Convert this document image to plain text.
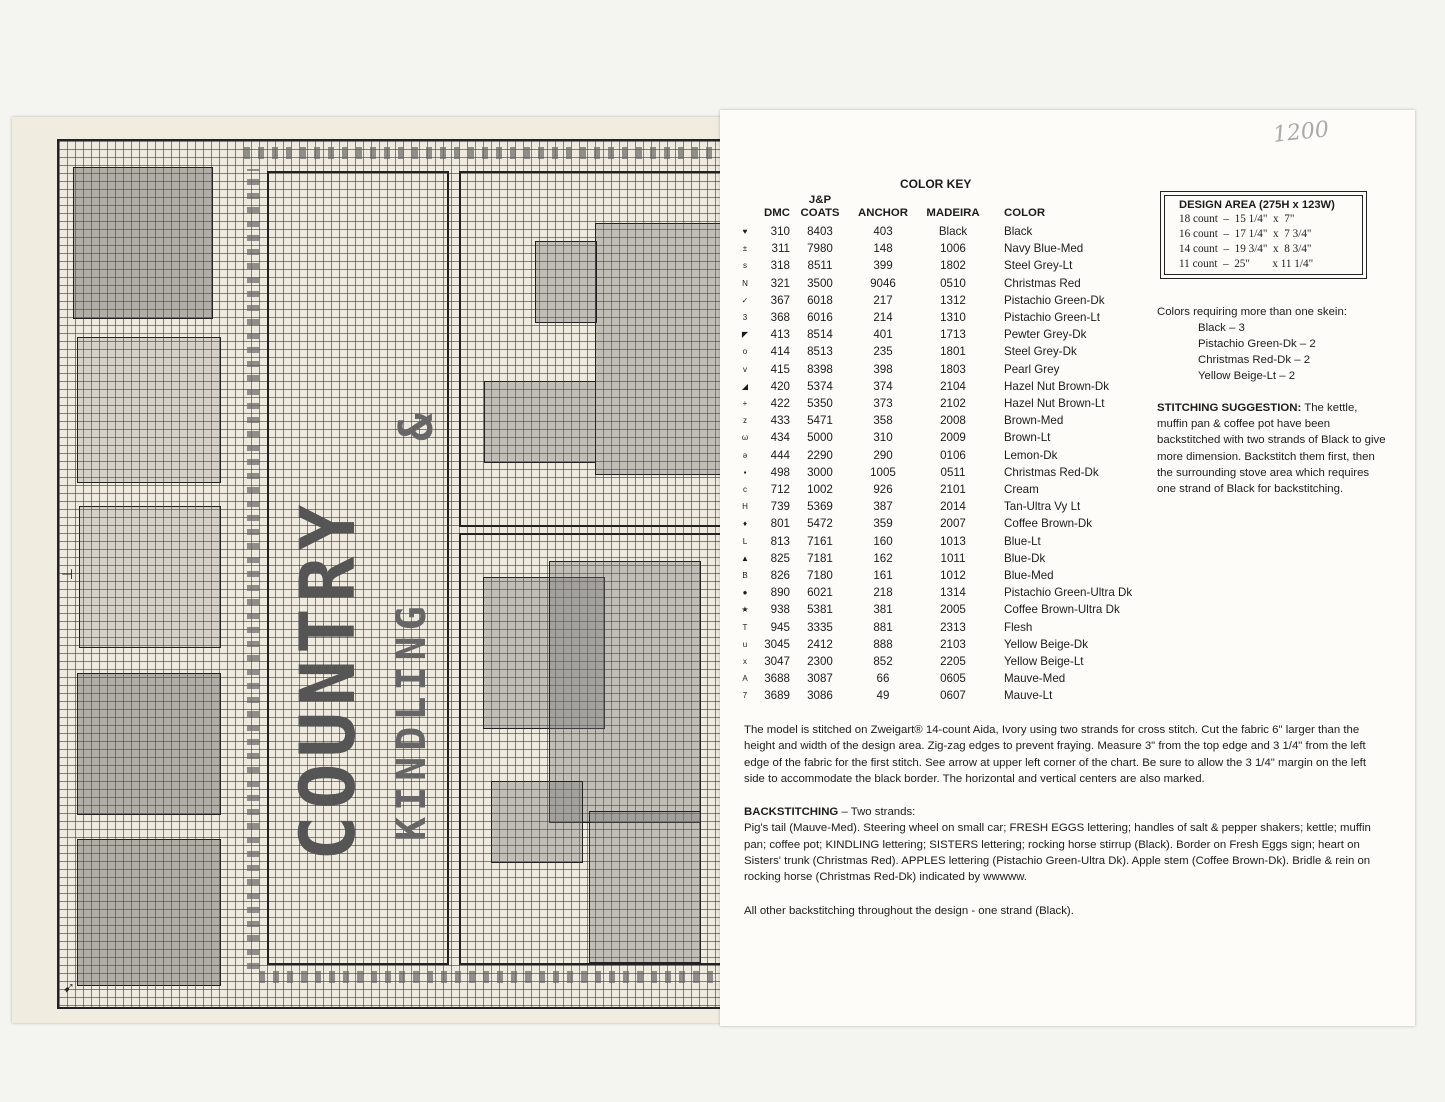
COUNTRY KINDLING
&
➹
⊣
1200
COLOR KEY
	DMC	J&P
COATS	ANCHOR	MADEIRA	COLOR
♥	310	8403	403	Black	Black
±	311	7980	148	1006	Navy Blue-Med
s	318	8511	399	1802	Steel Grey-Lt
N	321	3500	9046	0510	Christmas Red
✓	367	6018	217	1312	Pistachio Green-Dk
3	368	6016	214	1310	Pistachio Green-Lt
◤	413	8514	401	1713	Pewter Grey-Dk
o	414	8513	235	1801	Steel Grey-Dk
v	415	8398	398	1803	Pearl Grey
◢	420	5374	374	2104	Hazel Nut Brown-Dk
+	422	5350	373	2102	Hazel Nut Brown-Lt
z	433	5471	358	2008	Brown-Med
ω	434	5000	310	2009	Brown-Lt
ə	444	2290	290	0106	Lemon-Dk
▪	498	3000	1005	0511	Christmas Red-Dk
c	712	1002	926	2101	Cream
H	739	5369	387	2014	Tan-Ultra Vy Lt
♦	801	5472	359	2007	Coffee Brown-Dk
L	813	7161	160	1013	Blue-Lt
▲	825	7181	162	1011	Blue-Dk
B	826	7180	161	1012	Blue-Med
●	890	6021	218	1314	Pistachio Green-Ultra Dk
★	938	5381	381	2005	Coffee Brown-Ultra Dk
T	945	3335	881	2313	Flesh
u	3045	2412	888	2103	Yellow Beige-Dk
x	3047	2300	852	2205	Yellow Beige-Lt
A	3688	3087	66	0605	Mauve-Med
7	3689	3086	49	0607	Mauve-Lt
DESIGN AREA (275H x 123W)
18 count  –  15 1/4"  x  7"
16 count  –  17 1/4"  x  7 3/4"
14 count  –  19 3/4"  x  8 3/4"
11 count  –  25"        x 11 1/4"
Colors requiring more than one skein:
Black – 3
Pistachio Green-Dk – 2
Christmas Red-Dk – 2
Yellow Beige-Lt – 2
STITCHING SUGGESTION: The kettle, muffin pan & coffee pot have been backstitched with two strands of Black to give more dimension. Backstitch them first, then the surrounding stove area which requires one strand of Black for backstitching.

The model is stitched on Zweigart® 14-count Aida, Ivory using two strands for cross stitch. Cut the fabric 6" larger than the height and width of the design area. Zig-zag edges to prevent fraying. Measure 3" from the top edge and 3 1/4" from the left edge of the fabric for the first stitch. See arrow at upper left corner of the chart. Be sure to allow the 3 1/4" margin on the left side to accommodate the black border. The horizontal and vertical centers are also marked.

BACKSTITCHING – Two strands:

Pig's tail (Mauve-Med). Steering wheel on small car; FRESH EGGS lettering; handles of salt & pepper shakers; kettle; muffin pan; coffee pot; KINDLING lettering; SISTERS lettering; rocking horse stirrup (Black). Border on Fresh Eggs sign; heart on Sisters' trunk (Christmas Red). APPLES lettering (Pistachio Green-Ultra Dk). Apple stem (Coffee Brown-Dk). Bridle & rein on rocking horse (Christmas Red-Dk) indicated by wwwww.

All other backstitching throughout the design - one strand (Black).
